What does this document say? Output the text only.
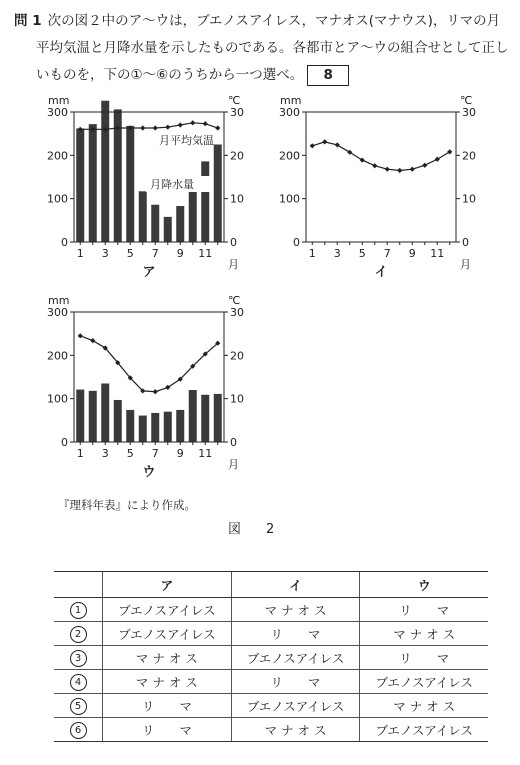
問 1 次の図２中のア～ウは，ブエノスアイレス，マナオス(マナウス)，リマの月
平均気温と月降水量を示したものである。各都市とア～ウの組合せとして正し
いものを，下の①～⑥のうちから一つ選べ。 8
mm	℃
0
100
200
300
0
10
20
30
1 3 5 7 9 11
月
ア
月平均気温
月降水量
mm	℃
0
100
200
300
0
10
20
30
1 3 5 7 9 11
月
イ
mm	℃
0
100
200
300
0
10
20
30
1 3 5 7 9 11
月
ウ
『理科年表』により作成。
図　2
	ア	イ	ウ
1	ブエノスアイレス	マ ナ オ ス	リ　　マ
2	ブエノスアイレス	リ　　マ	マ ナ オ ス
3	マ ナ オ ス	ブエノスアイレス	リ　　マ
4	マ ナ オ ス	リ　　マ	ブエノスアイレス
5	リ　　マ	ブエノスアイレス	マ ナ オ ス
6	リ　　マ	マ ナ オ ス	ブエノスアイレス
